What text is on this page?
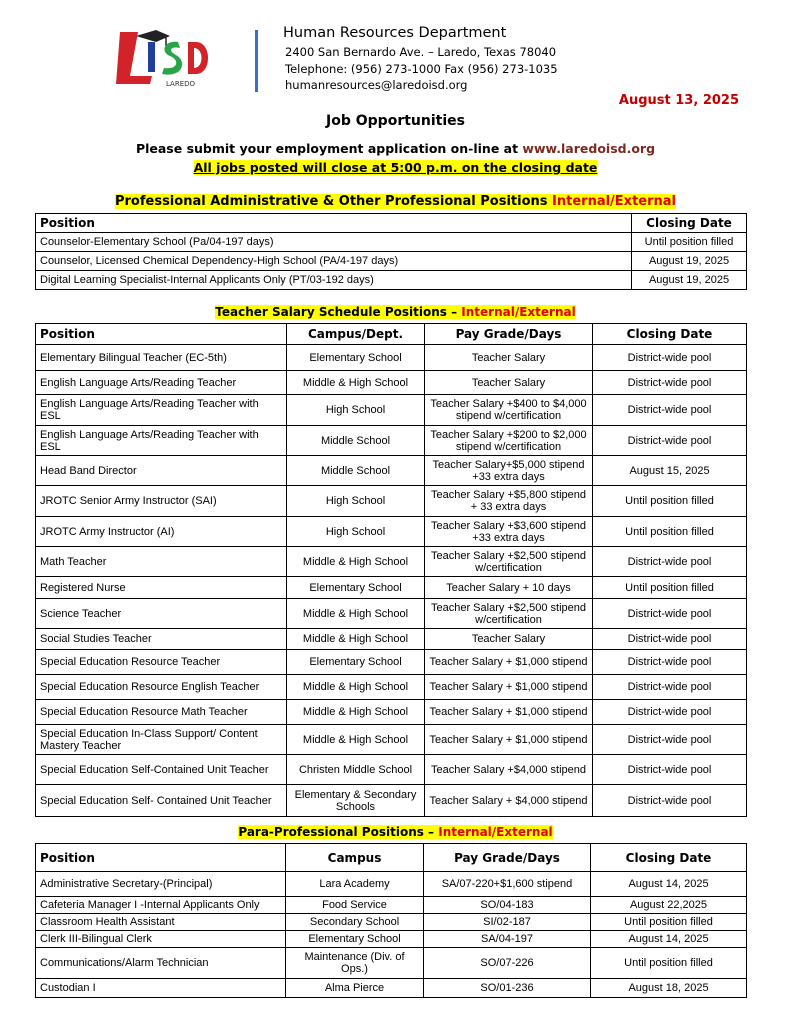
LAREDO
Human Resources Department
2400 San Bernardo Ave. – Laredo, Texas 78040
Telephone: (956) 273-1000 Fax (956) 273-1035
humanresources@laredoisd.org
August 13, 2025
Job Opportunities
Please submit your employment application on-line at www.laredoisd.org
All jobs posted will close at 5:00 p.m. on the closing date
Professional Administrative & Other Professional Positions Internal/External
Position	Closing Date
Counselor-Elementary School (Pa/04-197 days)	Until position filled
Counselor, Licensed Chemical Dependency-High School (PA/4-197 days)	August 19, 2025
Digital Learning Specialist-Internal Applicants Only (PT/03-192 days)	August 19, 2025
Teacher Salary Schedule Positions – Internal/External
Position	Campus/Dept.	Pay Grade/Days	Closing Date
Elementary Bilingual Teacher (EC-5th)	Elementary School	Teacher Salary	District-wide pool
English Language Arts/Reading Teacher	Middle & High School	Teacher Salary	District-wide pool
English Language Arts/Reading Teacher with ESL	High School	Teacher Salary +$400 to $4,000 stipend w/certification	District-wide pool
English Language Arts/Reading Teacher with ESL	Middle School	Teacher Salary +$200 to $2,000 stipend w/certification	District-wide pool
Head Band Director	Middle School	Teacher Salary+$5,000 stipend +33 extra days	August 15, 2025
JROTC Senior Army Instructor (SAI)	High School	Teacher Salary +$5,800 stipend + 33 extra days	Until position filled
JROTC Army Instructor (AI)	High School	Teacher Salary +$3,600 stipend +33 extra days	Until position filled
Math Teacher	Middle & High School	Teacher Salary +$2,500 stipend w/certification	District-wide pool
Registered Nurse	Elementary School	Teacher Salary + 10 days	Until position filled
Science Teacher	Middle & High School	Teacher Salary +$2,500 stipend w/certification	District-wide pool
Social Studies Teacher	Middle & High School	Teacher Salary	District-wide pool
Special Education Resource Teacher	Elementary School	Teacher Salary + $1,000 stipend	District-wide pool
Special Education Resource English Teacher	Middle & High School	Teacher Salary + $1,000 stipend	District-wide pool
Special Education Resource Math Teacher	Middle & High School	Teacher Salary + $1,000 stipend	District-wide pool
Special Education In-Class Support/ Content Mastery Teacher	Middle & High School	Teacher Salary + $1,000 stipend	District-wide pool
Special Education Self-Contained Unit Teacher	Christen Middle School	Teacher Salary +$4,000 stipend	District-wide pool
Special Education Self- Contained Unit Teacher	Elementary & Secondary Schools	Teacher Salary + $4,000 stipend	District-wide pool
Para-Professional Positions – Internal/External
Position	Campus	Pay Grade/Days	Closing Date
Administrative Secretary-(Principal)	Lara Academy	SA/07-220+$1,600 stipend	August 14, 2025
Cafeteria Manager I -Internal Applicants Only	Food Service	SO/04-183	August 22,2025
Classroom Health Assistant	Secondary School	SI/02-187	Until position filled
Clerk III-Bilingual Clerk	Elementary School	SA/04-197	August 14, 2025
Communications/Alarm Technician	Maintenance (Div. of Ops.)	SO/07-226	Until position filled
Custodian I	Alma Pierce	SO/01-236	August 18, 2025
